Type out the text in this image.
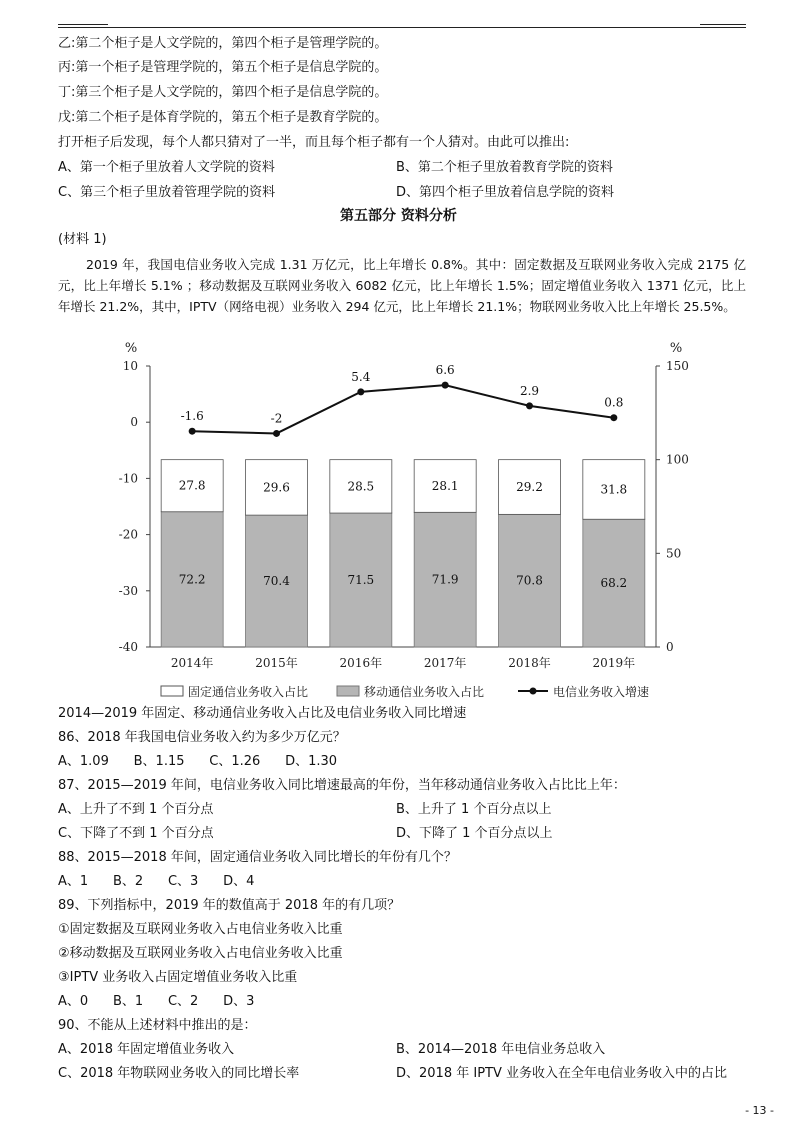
乙:第二个柜子是人文学院的，第四个柜子是管理学院的。
丙:第一个柜子是管理学院的，第五个柜子是信息学院的。
丁:第三个柜子是人文学院的，第四个柜子是信息学院的。
戊:第二个柜子是体育学院的，第五个柜子是教育学院的。
打开柜子后发现，每个人都只猜对了一半，而且每个柜子都有一个人猜对。由此可以推出:
A、第一个柜子里放着人文学院的资料	B、第二个柜子里放着教育学院的资料
C、第三个柜子里放着管理学院的资料	D、第四个柜子里放着信息学院的资料
第五部分 资料分析
(材料 1)
2019 年，我国电信业务收入完成 1.31 万亿元，比上年增长 0.8%。其中：固定数据及互联网业务收入完成 2175 亿元，比上年增长 5.1% ；移动数据及互联网业务收入 6082 亿元，比上年增长 1.5%；固定增值业务收入 1371 亿元，比上年增长 21.2%，其中，IPTV（网络电视）业务收入 294 亿元，比上年增长 21.1%；物联网业务收入比上年增长 25.5%。
10
0
-10
-20
-30
-40
%
150
100
50
0
%
72.2
27.8
2014年
70.4
29.6
2015年
71.5
28.5
2016年
71.9
28.1
2017年
70.8
29.2
2018年
68.2
31.8
2019年
-1.6	-2
5.4	6.6
2.9
0.8
固定通信业务收入占比	移动通信业务收入占比	电信业务收入增速
2014—2019 年固定、移动通信业务收入占比及电信业务收入同比增速
86、2018 年我国电信业务收入约为多少万亿元？
A、1.09      B、1.15      C、1.26      D、1.30
87、2015—2019 年间，电信业务收入同比增速最高的年份，当年移动通信业务收入占比比上年：
A、上升了不到 1 个百分点	B、上升了 1 个百分点以上
C、下降了不到 1 个百分点	D、下降了 1 个百分点以上
88、2015—2018 年间，固定通信业务收入同比增长的年份有几个？
A、1      B、2      C、3      D、4
89、下列指标中，2019 年的数值高于 2018 年的有几项？
①固定数据及互联网业务收入占电信业务收入比重
②移动数据及互联网业务收入占电信业务收入比重
③IPTV 业务收入占固定增值业务收入比重
A、0      B、1      C、2      D、3
90、不能从上述材料中推出的是：
A、2018 年固定增值业务收入	B、2014—2018 年电信业务总收入
C、2018 年物联网业务收入的同比增长率	D、2018 年 IPTV 业务收入在全年电信业务收入中的占比
- 13 -
